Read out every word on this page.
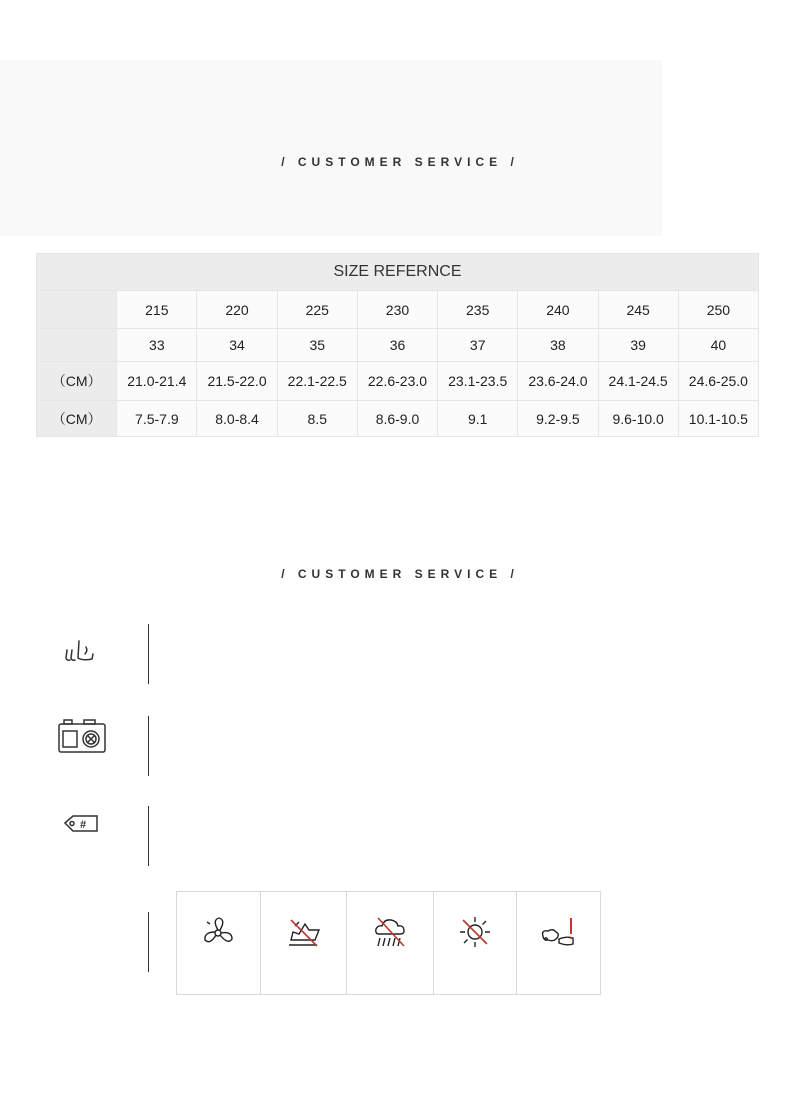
/ CUSTOMER SERVICE /
SIZE REFERNCE								
	215	220	225	230	235	240	245	250
	33	34	35	36	37	38	39	40
（CM）	21.0-21.4	21.5-22.0	22.1-22.5	22.6-23.0	23.1-23.5	23.6-24.0	24.1-24.5	24.6-25.0
（CM）	7.5-7.9	8.0-8.4	8.5	8.6-9.0	9.1	9.2-9.5	9.6-10.0	10.1-10.5
/ CUSTOMER SERVICE /
#
